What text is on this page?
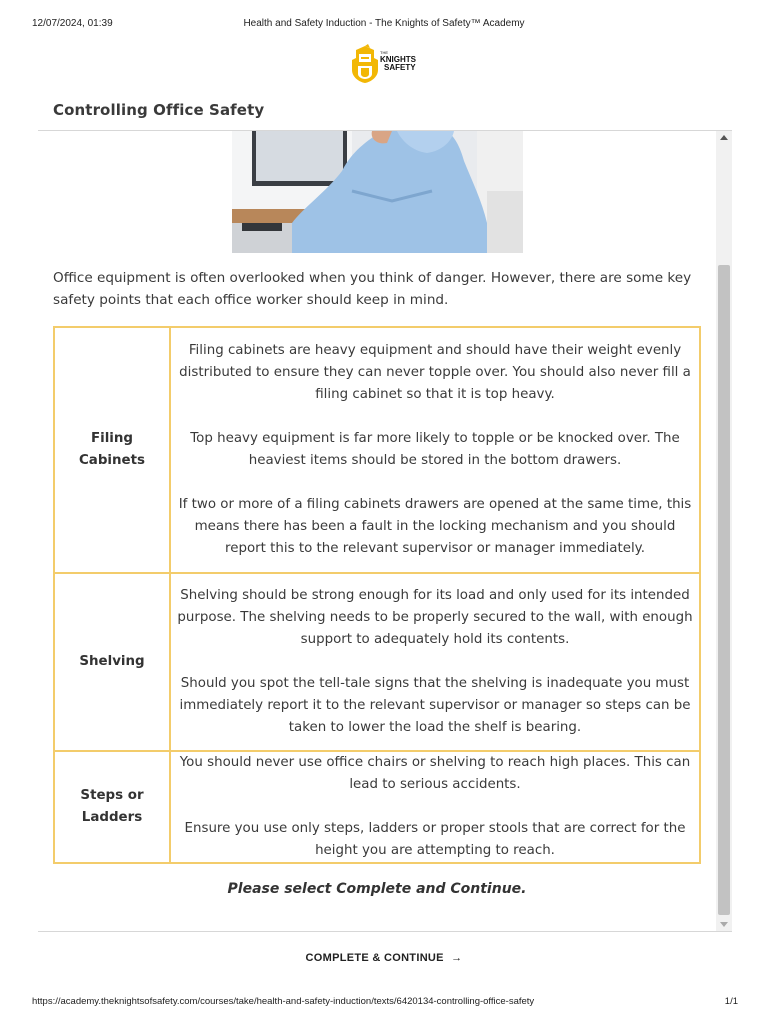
12/07/2024, 01:39	Health and Safety Induction - The Knights of Safety™ Academy
THE
KNIGHTS
SAFETY
Controlling Office Safety
Office equipment is often overlooked when you think of danger. However, there are some key safety points that each office worker should keep in mind.
Filing Cabinets	Filing cabinets are heavy equipment and should have their weight evenly distributed to ensure they can never topple over. You should also never fill a filing cabinet so that it is top heavy.

Top heavy equipment is far more likely to topple or be knocked over. The heaviest items should be stored in the bottom drawers.

If two or more of a filing cabinets drawers are opened at the same time, this means there has been a fault in the locking mechanism and you should report this to the relevant supervisor or manager immediately.

Shelving	Shelving should be strong enough for its load and only used for its intended purpose. The shelving needs to be properly secured to the wall, with enough support to adequately hold its contents.

Should you spot the tell-tale signs that the shelving is inadequate you must immediately report it to the relevant supervisor or manager so steps can be taken to lower the load the shelf is bearing.

Steps or Ladders	You should never use office chairs or shelving to reach high places. This can lead to serious accidents.

Ensure you use only steps, ladders or proper stools that are correct for the height you are attempting to reach.

Please select Complete and Continue.
COMPLETE & CONTINUE →
https://academy.theknightsofsafety.com/courses/take/health-and-safety-induction/texts/6420134-controlling-office-safety	1/1
